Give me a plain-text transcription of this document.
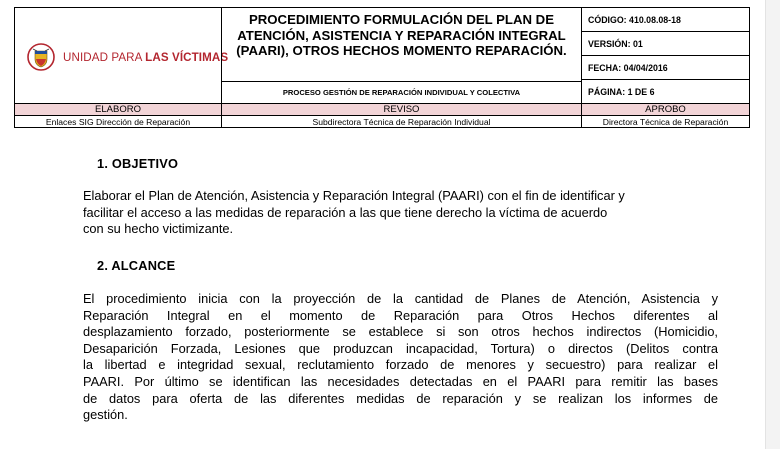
UNIDAD PARA LAS VÍCTIMAS
PROCEDIMIENTO FORMULACIÓN DEL PLAN DE ATENCIÓN, ASISTENCIA Y REPARACIÓN INTEGRAL (PAARI), OTROS HECHOS MOMENTO REPARACIÓN.
PROCESO GESTIÓN DE REPARACIÓN INDIVIDUAL Y COLECTIVA
CÓDIGO: 410.08.08-18
VERSIÓN: 01
FECHA: 04/04/2016
PÁGINA: 1 DE 6
ELABORO	REVISO	APROBO
Enlaces SIG Dirección de Reparación	Subdirectora Técnica de Reparación Individual	Directora Técnica de Reparación
1. OBJETIVO
Elaborar el Plan de Atención, Asistencia y Reparación Integral (PAARI) con el fin de identificar y
facilitar el acceso a las medidas de reparación a las que tiene derecho la víctima de acuerdo
con su hecho victimizante.
2. ALCANCE
El procedimiento inicia con la proyección de la cantidad de Planes de Atención, Asistencia y
Reparación Integral en el momento de Reparación para Otros Hechos diferentes al
desplazamiento forzado, posteriormente se establece si son otros hechos indirectos (Homicidio,
Desaparición Forzada, Lesiones que produzcan incapacidad, Tortura) o directos (Delitos contra
la libertad e integridad sexual, reclutamiento forzado de menores y secuestro) para realizar el
PAARI. Por último se identifican las necesidades detectadas en el PAARI para remitir las bases
de datos para oferta de las diferentes medidas de reparación y se realizan los informes de
gestión.
